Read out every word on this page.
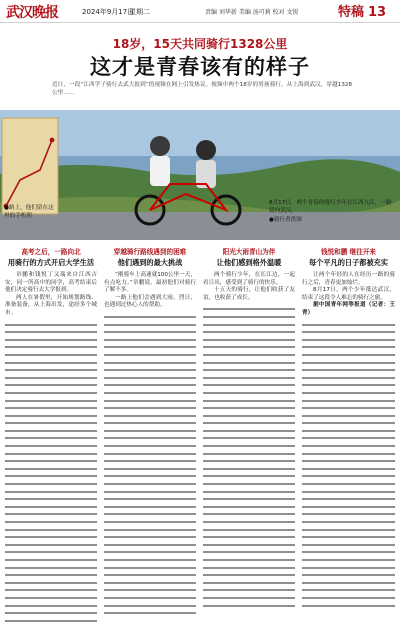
武汉晚报	2024年9月17日
星期二	责编 刘华新 美编 汤可莉 校对 文锐	特稿 13
18岁，15天共同骑行1328公里
这才是青春该有的样子
近日，一段“江西学子骑行去武大报到”的视频在网上引发热议。视频中两个18岁的男孩骑行，从上海到武汉，穿越1328公里……
●路上，他们留在这里的手机照
8月17日，两个青春的骑行少年在江西九江，一路骑向武汉。
●骑行者供图
高考之后，一路向北
用骑行的方式开启大学生活

章鹏和钱悦丁又瑞来自江西吉安，同一所高中的同学，高考结束后他们决定骑行去大学报到。

两人在暑假里，开始规划路线、准备装备，从上海出发，途经多个城市。

穿越骑行路线遇到的困难
他们遇到的最大挑战

“刚骑车上高速就100公里一天，有点吃力。”章鹏说，最初他们对骑行了解不多。

一路上他们会遇到大雨、烈日，也遇到过热心人的帮助。

阳光大雨青山为伴
让他们感到格外温暖

两个骑行少年，在长江边，一起看日出，感受到了骑行的快乐。

十五天的骑行，让他们收获了友谊，也收获了成长。

钱悦和鹏 继往开来
每个平凡的日子都被充实

让两个年轻的人在经历一路的骑行之后，青春更加灿烂。

8月17日，两个少年抵达武汉，结束了这段令人难忘的骑行之旅。

据中国青年网等报道（记者：王青）
